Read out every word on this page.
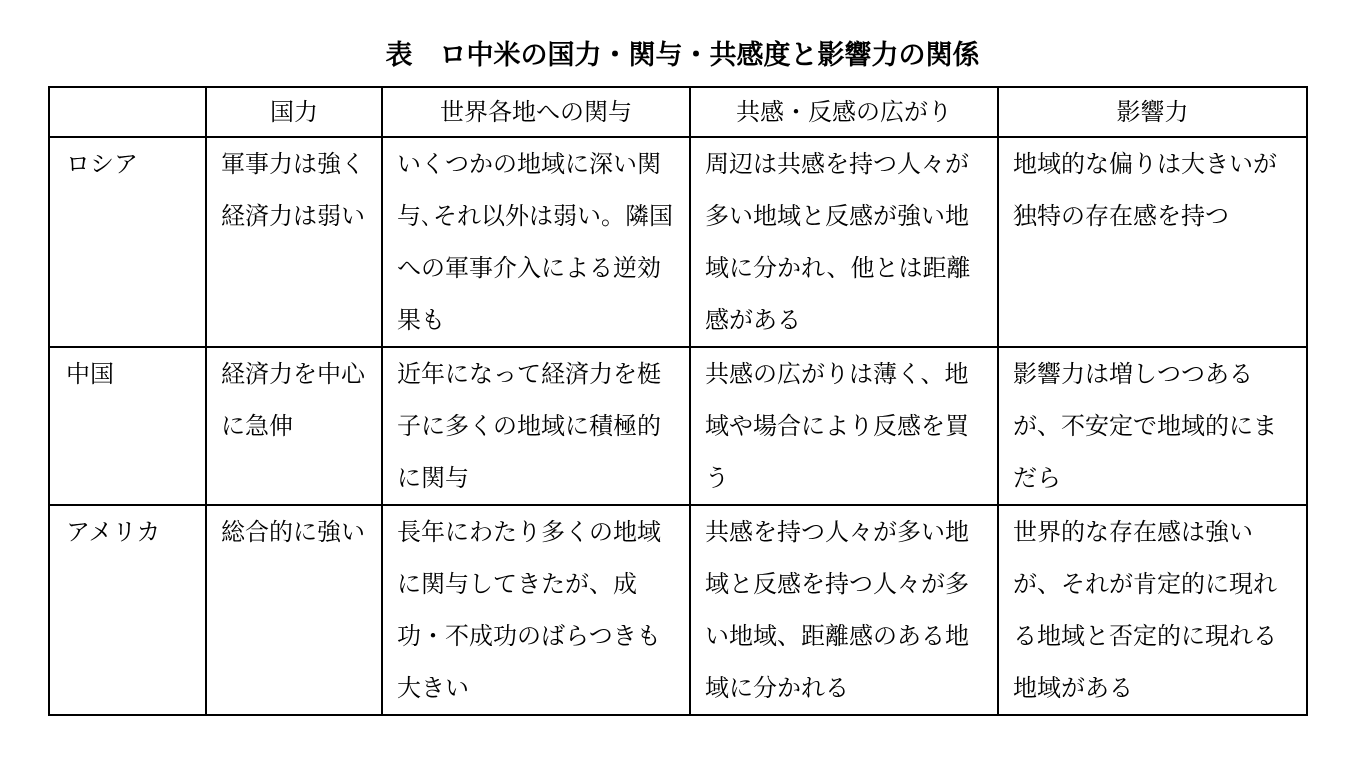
表　ロ中米の国力・関与・共感度と影響力の関係
	国力	世界各地への関与	共感・反感の広がり	影響力

ロシア	軍事力は強く経済力は弱い	いくつかの地域に深い関与､それ以外は弱い。隣国への軍事介入による逆効果も	周辺は共感を持つ人々が多い地域と反感が強い地域に分かれ、他とは距離感がある	地域的な偏りは大きいが独特の存在感を持つ

中国	経済力を中心に急伸	近年になって経済力を梃子に多くの地域に積極的に関与	共感の広がりは薄く、地域や場合により反感を買う	影響力は増しつつあるが、不安定で地域的にまだら

アメリカ	総合的に強い	長年にわたり多くの地域に関与してきたが、成功・不成功のばらつきも大きい	共感を持つ人々が多い地域と反感を持つ人々が多い地域、距離感のある地域に分かれる	世界的な存在感は強いが、それが肯定的に現れる地域と否定的に現れる地域がある
